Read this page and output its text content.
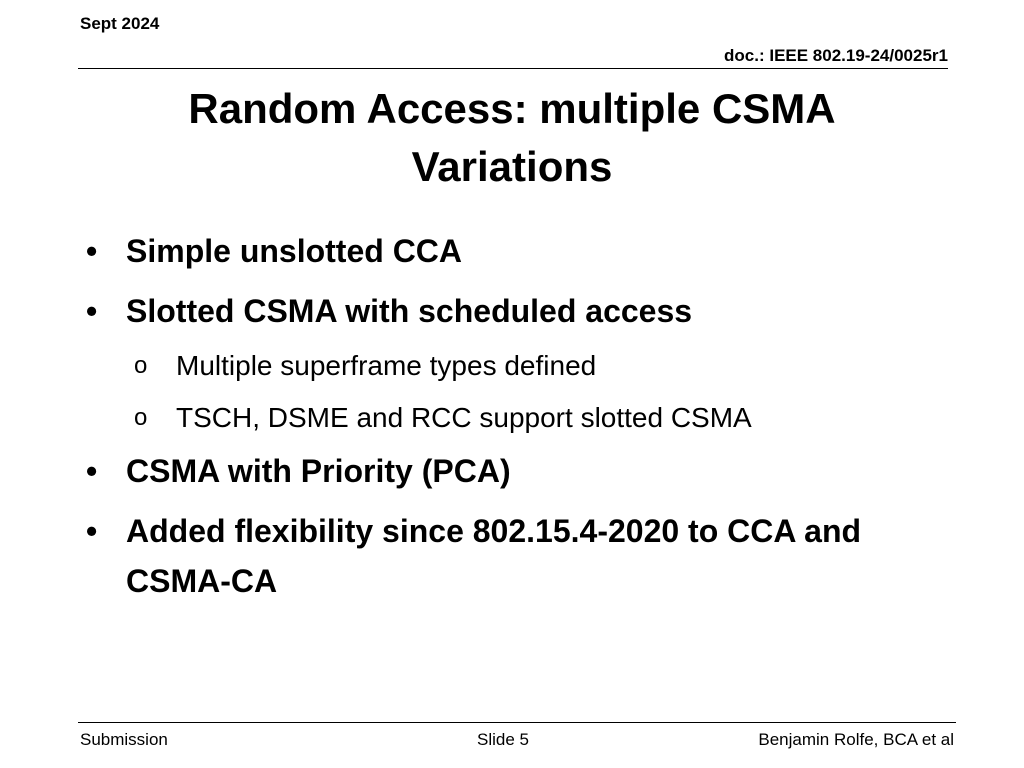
Sept 2024
doc.: IEEE 802.19-24/0025r1
Random Access: multiple CSMA Variations
• Simple unslotted CCA
• Slotted CSMA with scheduled access
o Multiple superframe types defined
o TSCH, DSME and RCC support slotted CSMA
• CSMA with Priority (PCA)
• Added flexibility since 802.15.4-2020 to CCA and CSMA-CA
Submission	Slide 5	Benjamin Rolfe, BCA et al
